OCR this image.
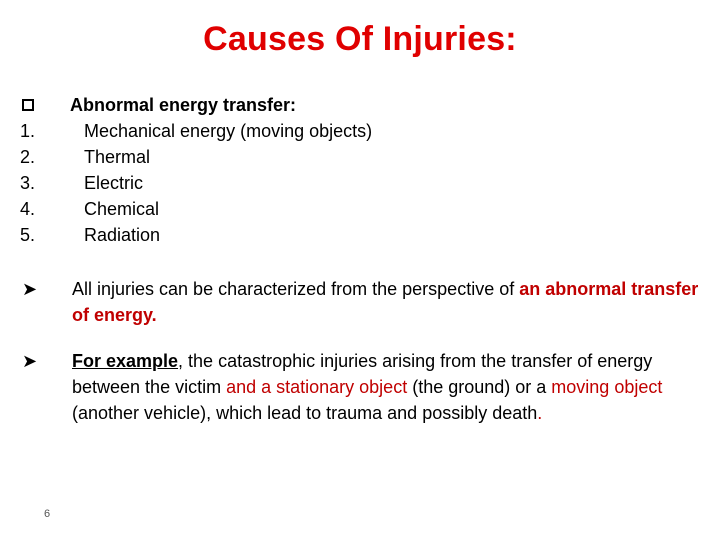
Causes Of Injuries:
Abnormal energy transfer:
1.	Mechanical energy (moving objects)
2.	Thermal
3.	Electric
4.	Chemical
5.	Radiation
➤	All injuries can be characterized from the perspective of an abnormal transfer of energy.
➤	For example, the catastrophic injuries arising from the transfer of energy between the victim and a stationary object (the ground) or a moving object (another vehicle), which lead to trauma and possibly death.
6
